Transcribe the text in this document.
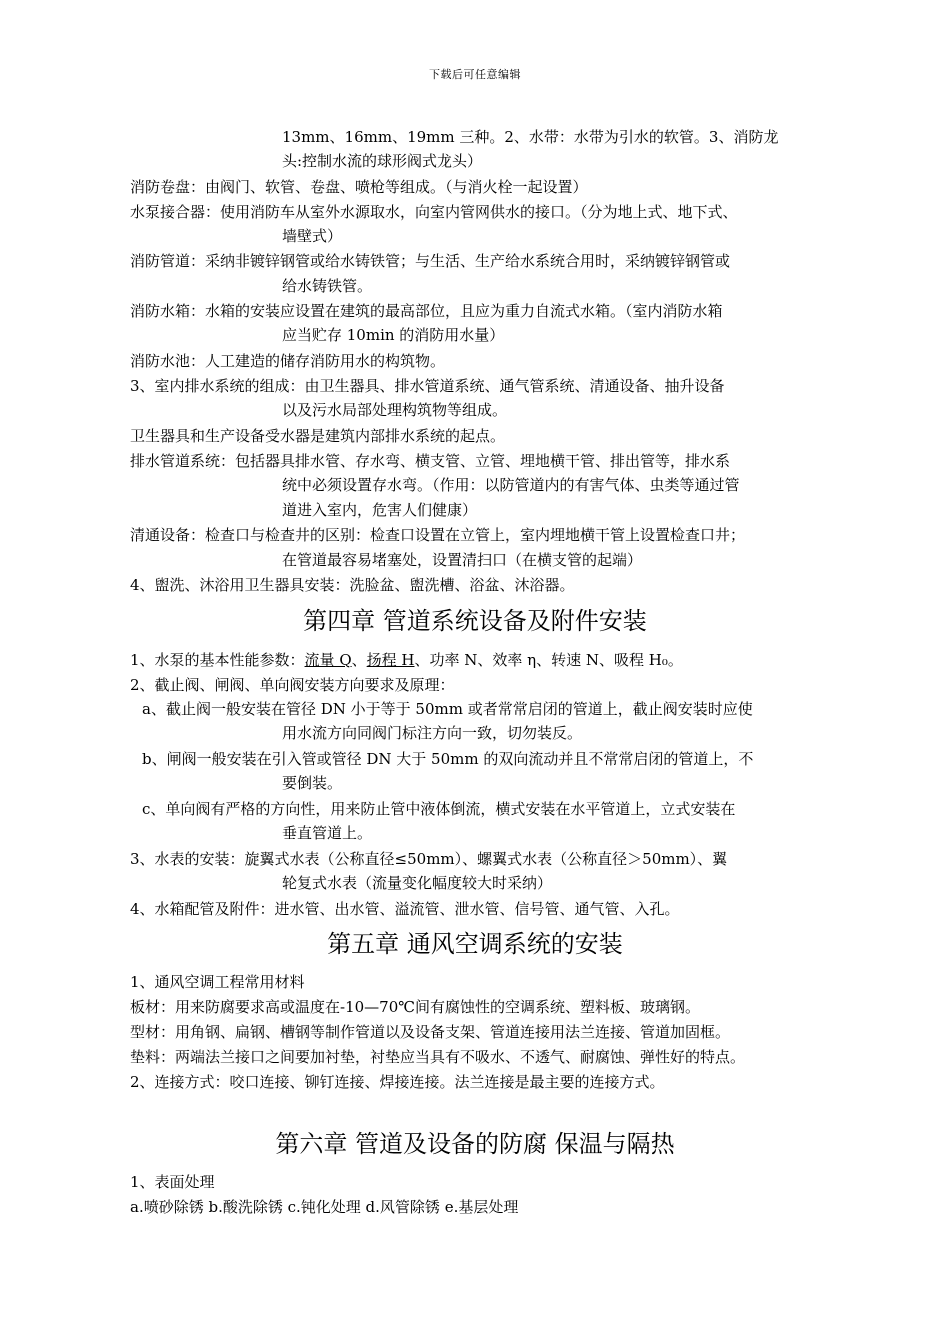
下载后可任意编辑
13mm、16mm、19mm 三种。2、水带：水带为引水的软管。3、消防龙
头:控制水流的球形阀式龙头）
消防卷盘：由阀门、软管、卷盘、喷枪等组成。（与消火栓一起设置）
水泵接合器：使用消防车从室外水源取水，向室内管网供水的接口。（分为地上式、地下式、
墙壁式）
消防管道：采纳非镀锌钢管或给水铸铁管；与生活、生产给水系统合用时，采纳镀锌钢管或
给水铸铁管。
消防水箱：水箱的安装应设置在建筑的最高部位，且应为重力自流式水箱。（室内消防水箱
应当贮存 10min 的消防用水量）
消防水池：人工建造的储存消防用水的构筑物。
3、室内排水系统的组成：由卫生器具、排水管道系统、通气管系统、清通设备、抽升设备
以及污水局部处理构筑物等组成。
卫生器具和生产设备受水器是建筑内部排水系统的起点。
排水管道系统：包括器具排水管、存水弯、横支管、立管、埋地横干管、排出管等，排水系
统中必须设置存水弯。（作用：以防管道内的有害气体、虫类等通过管
道进入室内，危害人们健康）
清通设备：检查口与检查井的区别：检查口设置在立管上，室内埋地横干管上设置检查口井；
在管道最容易堵塞处，设置清扫口（在横支管的起端）
4、盥洗、沐浴用卫生器具安装：洗脸盆、盥洗槽、浴盆、沐浴器。
第四章 管道系统设备及附件安装
1、水泵的基本性能参数：流量 Q、扬程 H、功率 N、效率 η、转速 N、吸程 H₀。
2、截止阀、闸阀、单向阀安装方向要求及原理：
a、截止阀一般安装在管径 DN 小于等于 50mm 或者常常启闭的管道上，截止阀安装时应使
用水流方向同阀门标注方向一致，切勿装反。
b、闸阀一般安装在引入管或管径 DN 大于 50mm 的双向流动并且不常常启闭的管道上，不
要倒装。
c、单向阀有严格的方向性，用来防止管中液体倒流，横式安装在水平管道上，立式安装在
垂直管道上。
3、水表的安装：旋翼式水表（公称直径≤50mm）、螺翼式水表（公称直径＞50mm）、翼
轮复式水表（流量变化幅度较大时采纳）
4、水箱配管及附件：进水管、出水管、溢流管、泄水管、信号管、通气管、入孔。
第五章 通风空调系统的安装
1、通风空调工程常用材料
板材：用来防腐要求高或温度在-10—70℃间有腐蚀性的空调系统、塑料板、玻璃钢。
型材：用角钢、扁钢、槽钢等制作管道以及设备支架、管道连接用法兰连接、管道加固框。
垫料：两端法兰接口之间要加衬垫，衬垫应当具有不吸水、不透气、耐腐蚀、弹性好的特点。
2、连接方式：咬口连接、铆钉连接、焊接连接。法兰连接是最主要的连接方式。
第六章 管道及设备的防腐 保温与隔热
1、表面处理
a.喷砂除锈 b.酸洗除锈 c.钝化处理 d.风管除锈 e.基层处理
